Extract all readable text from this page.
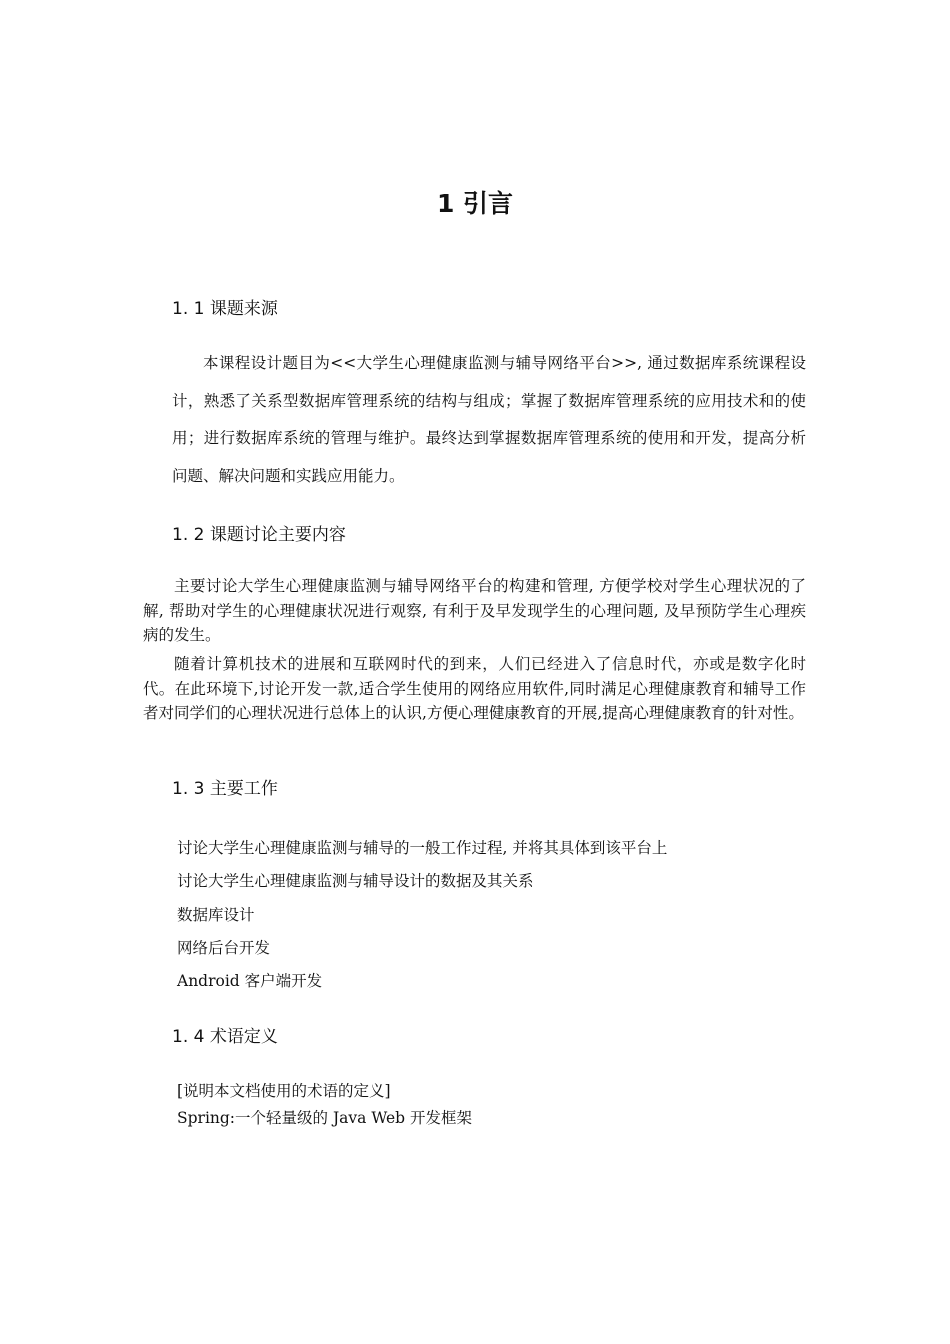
1 引言
1. 1 课题来源

本课程设计题目为<<大学生心理健康监测与辅导网络平台>>, 通过数据库系统课程设计，熟悉了关系型数据库管理系统的结构与组成；掌握了数据库管理系统的应用技术和的使用；进行数据库系统的管理与维护。最终达到掌握数据库管理系统的使用和开发，提高分析问题、解决问题和实践应用能力。

1. 2 课题讨论主要内容

主要讨论大学生心理健康监测与辅导网络平台的构建和管理, 方便学校对学生心理状况的了解, 帮助对学生的心理健康状况进行观察, 有利于及早发现学生的心理问题, 及早预防学生心理疾病的发生。

随着计算机技术的进展和互联网时代的到来，人们已经进入了信息时代，亦或是数字化时代。在此环境下,讨论开发一款,适合学生使用的网络应用软件,同时满足心理健康教育和辅导工作者对同学们的心理状况进行总体上的认识,方便心理健康教育的开展,提高心理健康教育的针对性。

1. 3 主要工作
讨论大学生心理健康监测与辅导的一般工作过程, 并将其具体到该平台上
讨论大学生心理健康监测与辅导设计的数据及其关系
数据库设计
网络后台开发
Android 客户端开发
1. 4 术语定义
[说明本文档使用的术语的定义]
Spring:一个轻量级的 Java Web 开发框架
